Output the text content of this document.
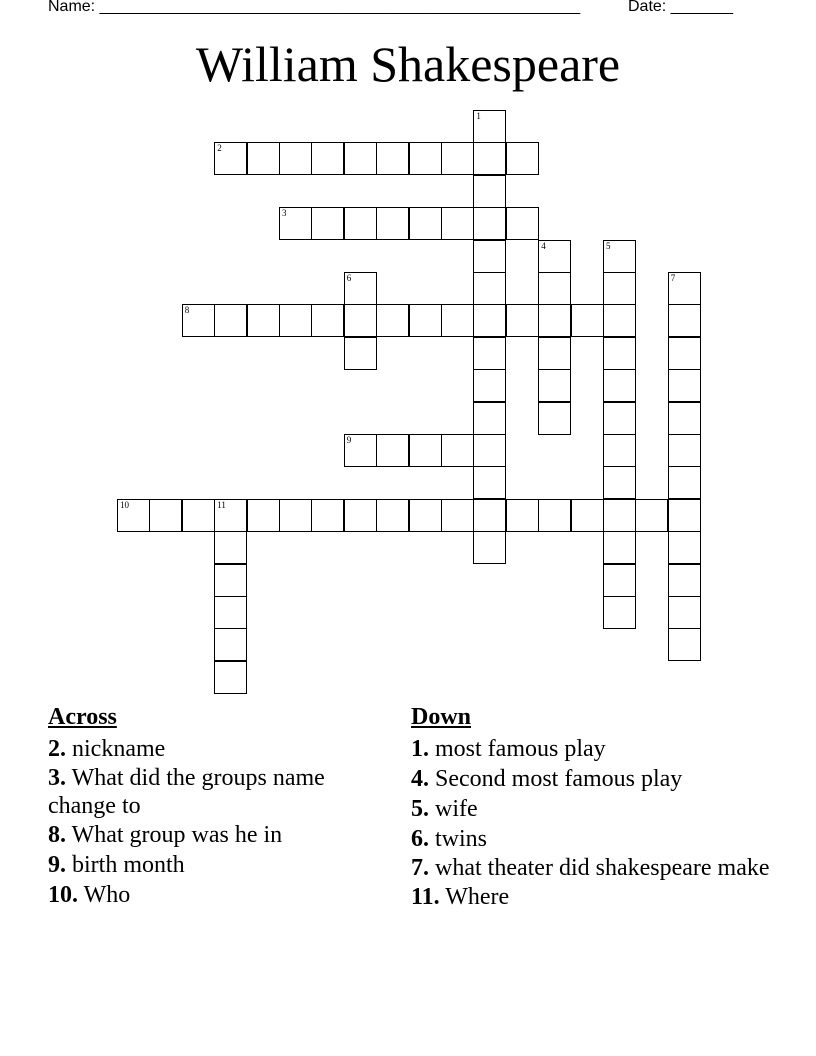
Name: ______________________________________________________	Date: _______
William Shakespeare
1
2
3
4	5
6	7
8
9
10	11
Across
2. nickname
3. What did the groups name change to
8. What group was he in
9. birth month
10. Who
Down
1. most famous play
4. Second most famous play
5. wife
6. twins
7. what theater did shakespeare make
11. Where
